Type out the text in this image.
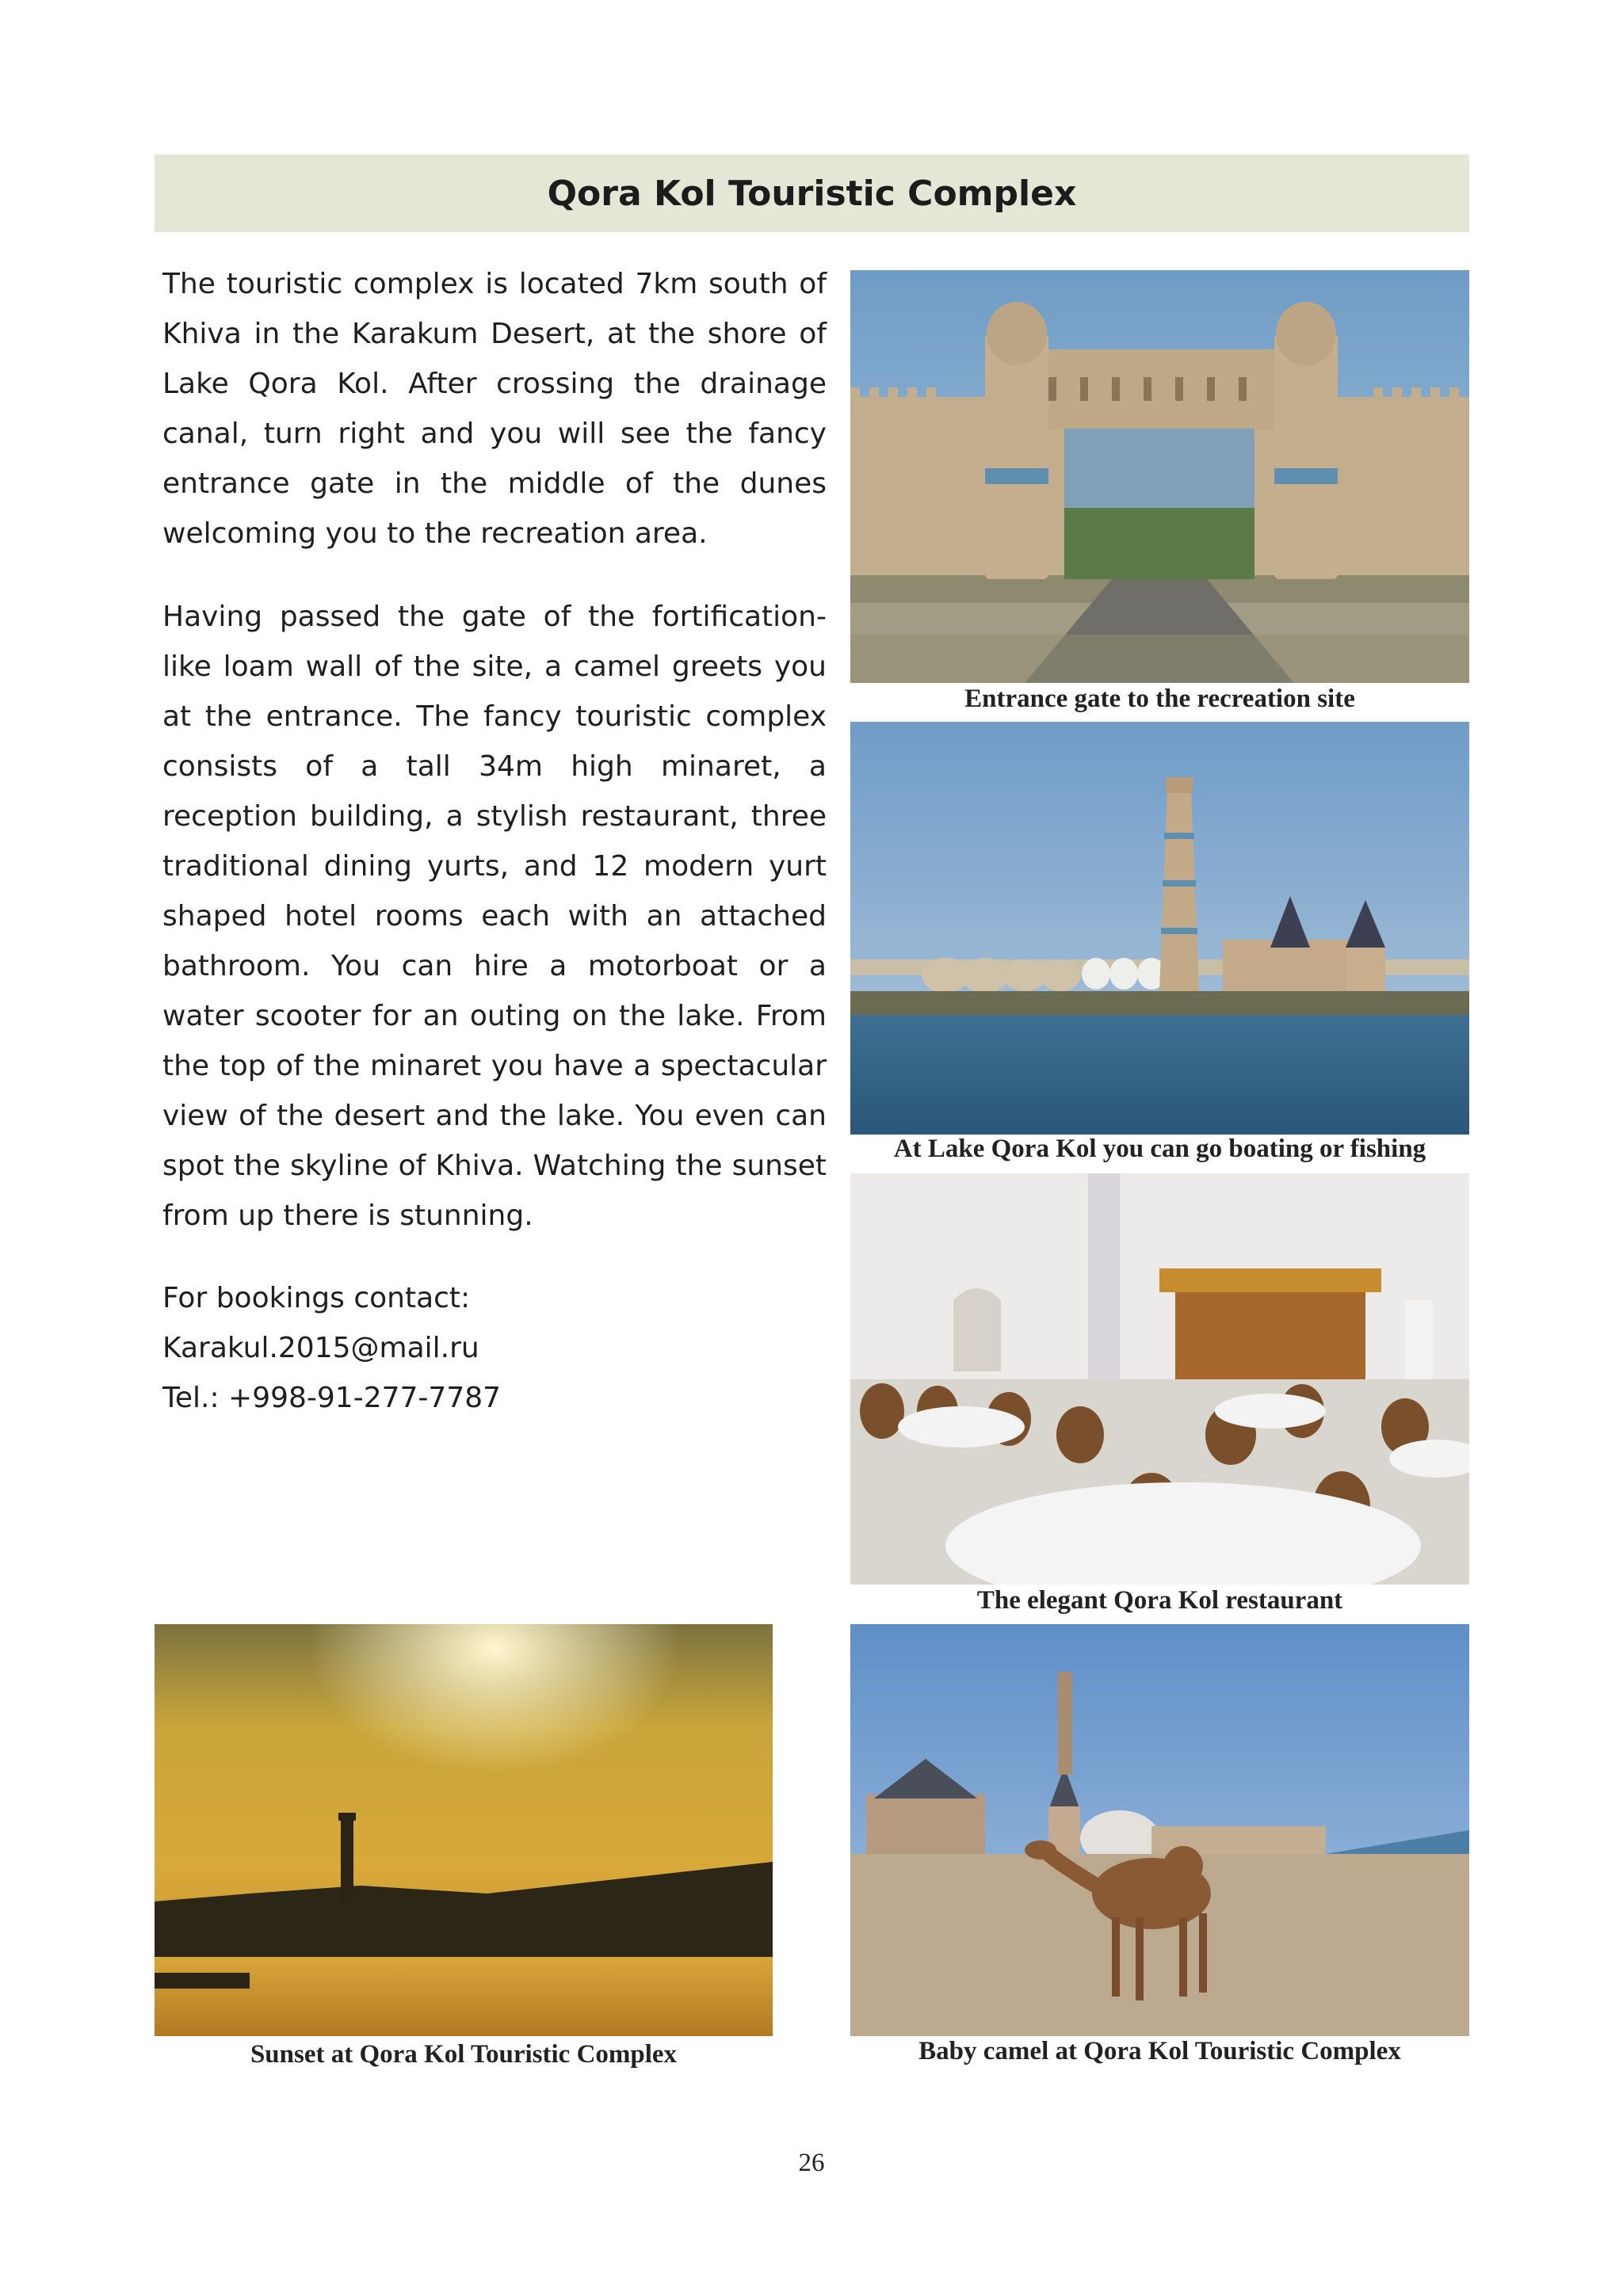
Qora Kol Touristic Complex

The touristic complex is located 7km south of Khiva in the Karakum Desert, at the shore of Lake Qora Kol. After crossing the drainage canal, turn right and you will see the fancy entrance gate in the middle of the dunes welcoming you to the recreation area.

Having passed the gate of the fortification-like loam wall of the site, a camel greets you at the entrance. The fancy touristic complex consists of a tall 34m high minaret, a reception building, a stylish restaurant, three traditional dining yurts, and 12 modern yurt shaped hotel rooms each with an attached bathroom. You can hire a motorboat or a water scooter for an outing on the lake. From the top of the minaret you have a spectacular view of the desert and the lake. You even can spot the skyline of Khiva. Watching the sunset from up there is stunning.

For bookings contact:
Karakul.2015@mail.ru
Tel.: +998-91-277-7787
Entrance gate to the recreation site
At Lake Qora Kol you can go boating or fishing
The elegant Qora Kol restaurant
Sunset at Qora Kol Touristic Complex	Baby camel at Qora Kol Touristic Complex
26
